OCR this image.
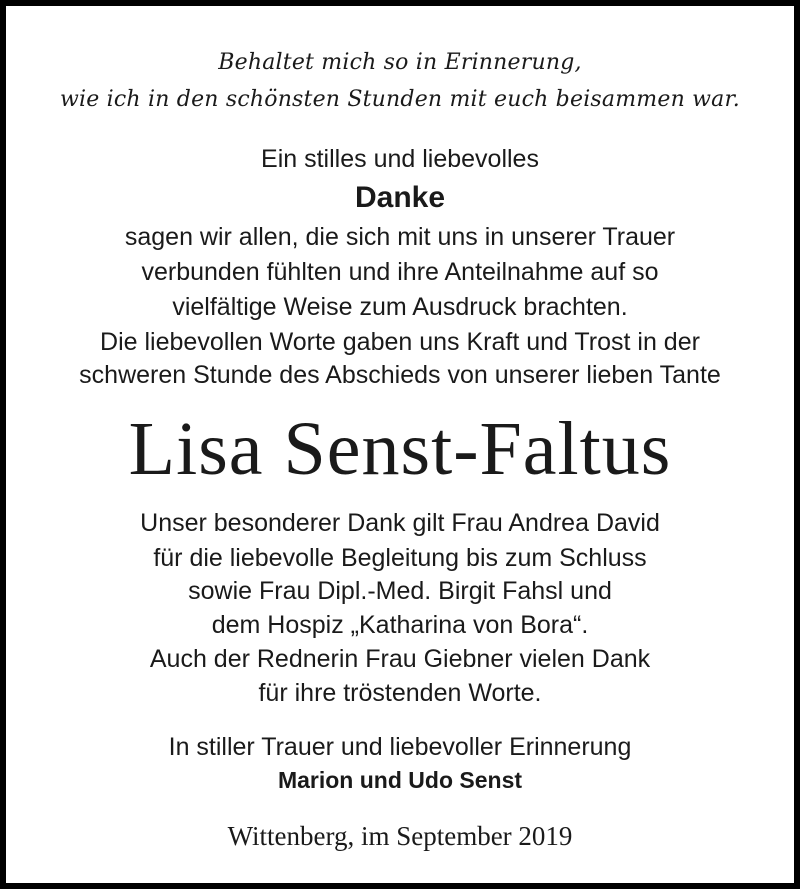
Behaltet mich so in Erinnerung,
wie ich in den schönsten Stunden mit euch beisammen war.
Ein stilles und liebevolles
Danke
sagen wir allen, die sich mit uns in unserer Trauer
verbunden fühlten und ihre Anteilnahme auf so
vielfältige Weise zum Ausdruck brachten.
Die liebevollen Worte gaben uns Kraft und Trost in der
schweren Stunde des Abschieds von unserer lieben Tante
Lisa Senst-Faltus
Unser besonderer Dank gilt Frau Andrea David
für die liebevolle Begleitung bis zum Schluss
sowie Frau Dipl.-Med. Birgit Fahsl und
dem Hospiz „Katharina von Bora“.
Auch der Rednerin Frau Giebner vielen Dank
für ihre tröstenden Worte.
In stiller Trauer und liebevoller Erinnerung
Marion und Udo Senst
Wittenberg, im September 2019
